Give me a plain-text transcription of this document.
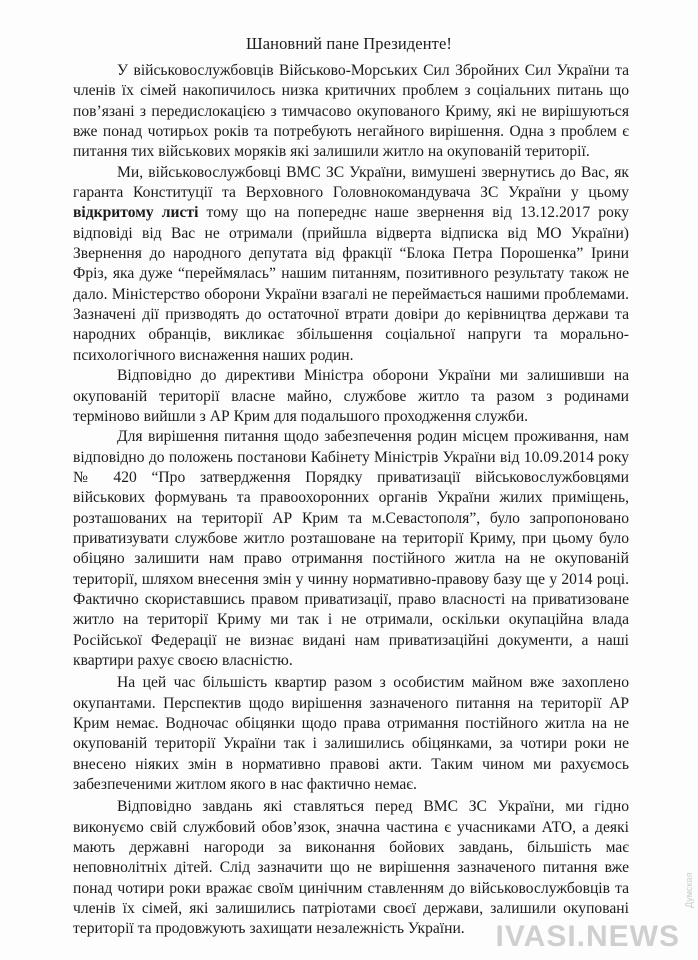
Шановний пане Президенте!

У військовослужбовців Військово-Морських Сил Збройних Сил України та членів їх сімей накопичилось низка критичних проблем з соціальних питань що пов’язані з передислокацією з тимчасово окупованого Криму, які не вирішуються вже понад чотирьох років та потребують негайного вирішення. Одна з проблем є питання тих військових моряків які залишили житло на окупованій території.

Ми, військовослужбовці ВМС ЗС України, вимушені звернутись до Вас, як гаранта Конституції та Верховного Головнокомандувача ЗС України у цьому відкритому листі тому що на попереднє наше звернення від 13.12.2017 року відповіді від Вас не отримали (прийшла відверта відписка від МО України) Звернення до народного депутата від фракції “Блока Петра Порошенка” Ірини Фріз, яка дуже “переймялась” нашим питанням, позитивного результату також не дало. Міністерство оборони України взагалі не переймається нашими проблемами. Зазначені дії призводять до остаточної втрати довіри до керівництва держави та народних обранців, викликає збільшення соціальної напруги та морально-психологічного виснаження наших родин.

Відповідно до директиви Міністра оборони України ми залишивши на окупованій території власне майно, службове житло та разом з родинами терміново вийшли з АР Крим для подальшого проходження служби.

Для вирішення питання щодо забезпечення родин місцем проживання, нам відповідно до положень постанови Кабінету Міністрів України від 10.09.2014 року № 420 “Про затвердження Порядку приватизації військовослужбовцями військових формувань та правоохоронних органів України жилих приміщень, розташованих на території АР Крим та м.Севастополя”, було запропоновано приватизувати службове житло розташоване на території Криму, при цьому було обіцяно залишити нам право отримання постійного житла на не окупованій території, шляхом внесення змін у чинну нормативно-правову базу ще у 2014 році. Фактично скориставшись правом приватизації, право власності на приватизоване житло на території Криму ми так і не отримали, оскільки окупаційна влада Російської Федерації не визнає видані нам приватизаційні документи, а наші квартири рахує своєю власністю.

На цей час більшість квартир разом з особистим майном вже захоплено окупантами. Перспектив щодо вирішення зазначеного питання на території АР Крим немає. Водночас обіцянки щодо права отримання постійного житла на не окупованій території України так і залишились обіцянками, за чотири роки не внесено ніяких змін в нормативно правові акти. Таким чином ми рахуємось забезпеченими житлом якого в нас фактично немає.

Відповідно завдань які ставляться перед ВМС ЗС України, ми гідно виконуємо свій службовий обов’язок, значна частина є учасниками АТО, а деякі мають державні нагороди за виконання бойових завдань, більшість має неповнолітніх дітей. Слід зазначити що не вирішення зазначеного питання вже понад чотири роки вражає своїм цинічним ставленням до військовослужбовців та членів їх сімей, які залишились патріотами своєї держави, залишили окуповані території та продовжують захищати незалежність України.	IVASI.NEWS
Думская
